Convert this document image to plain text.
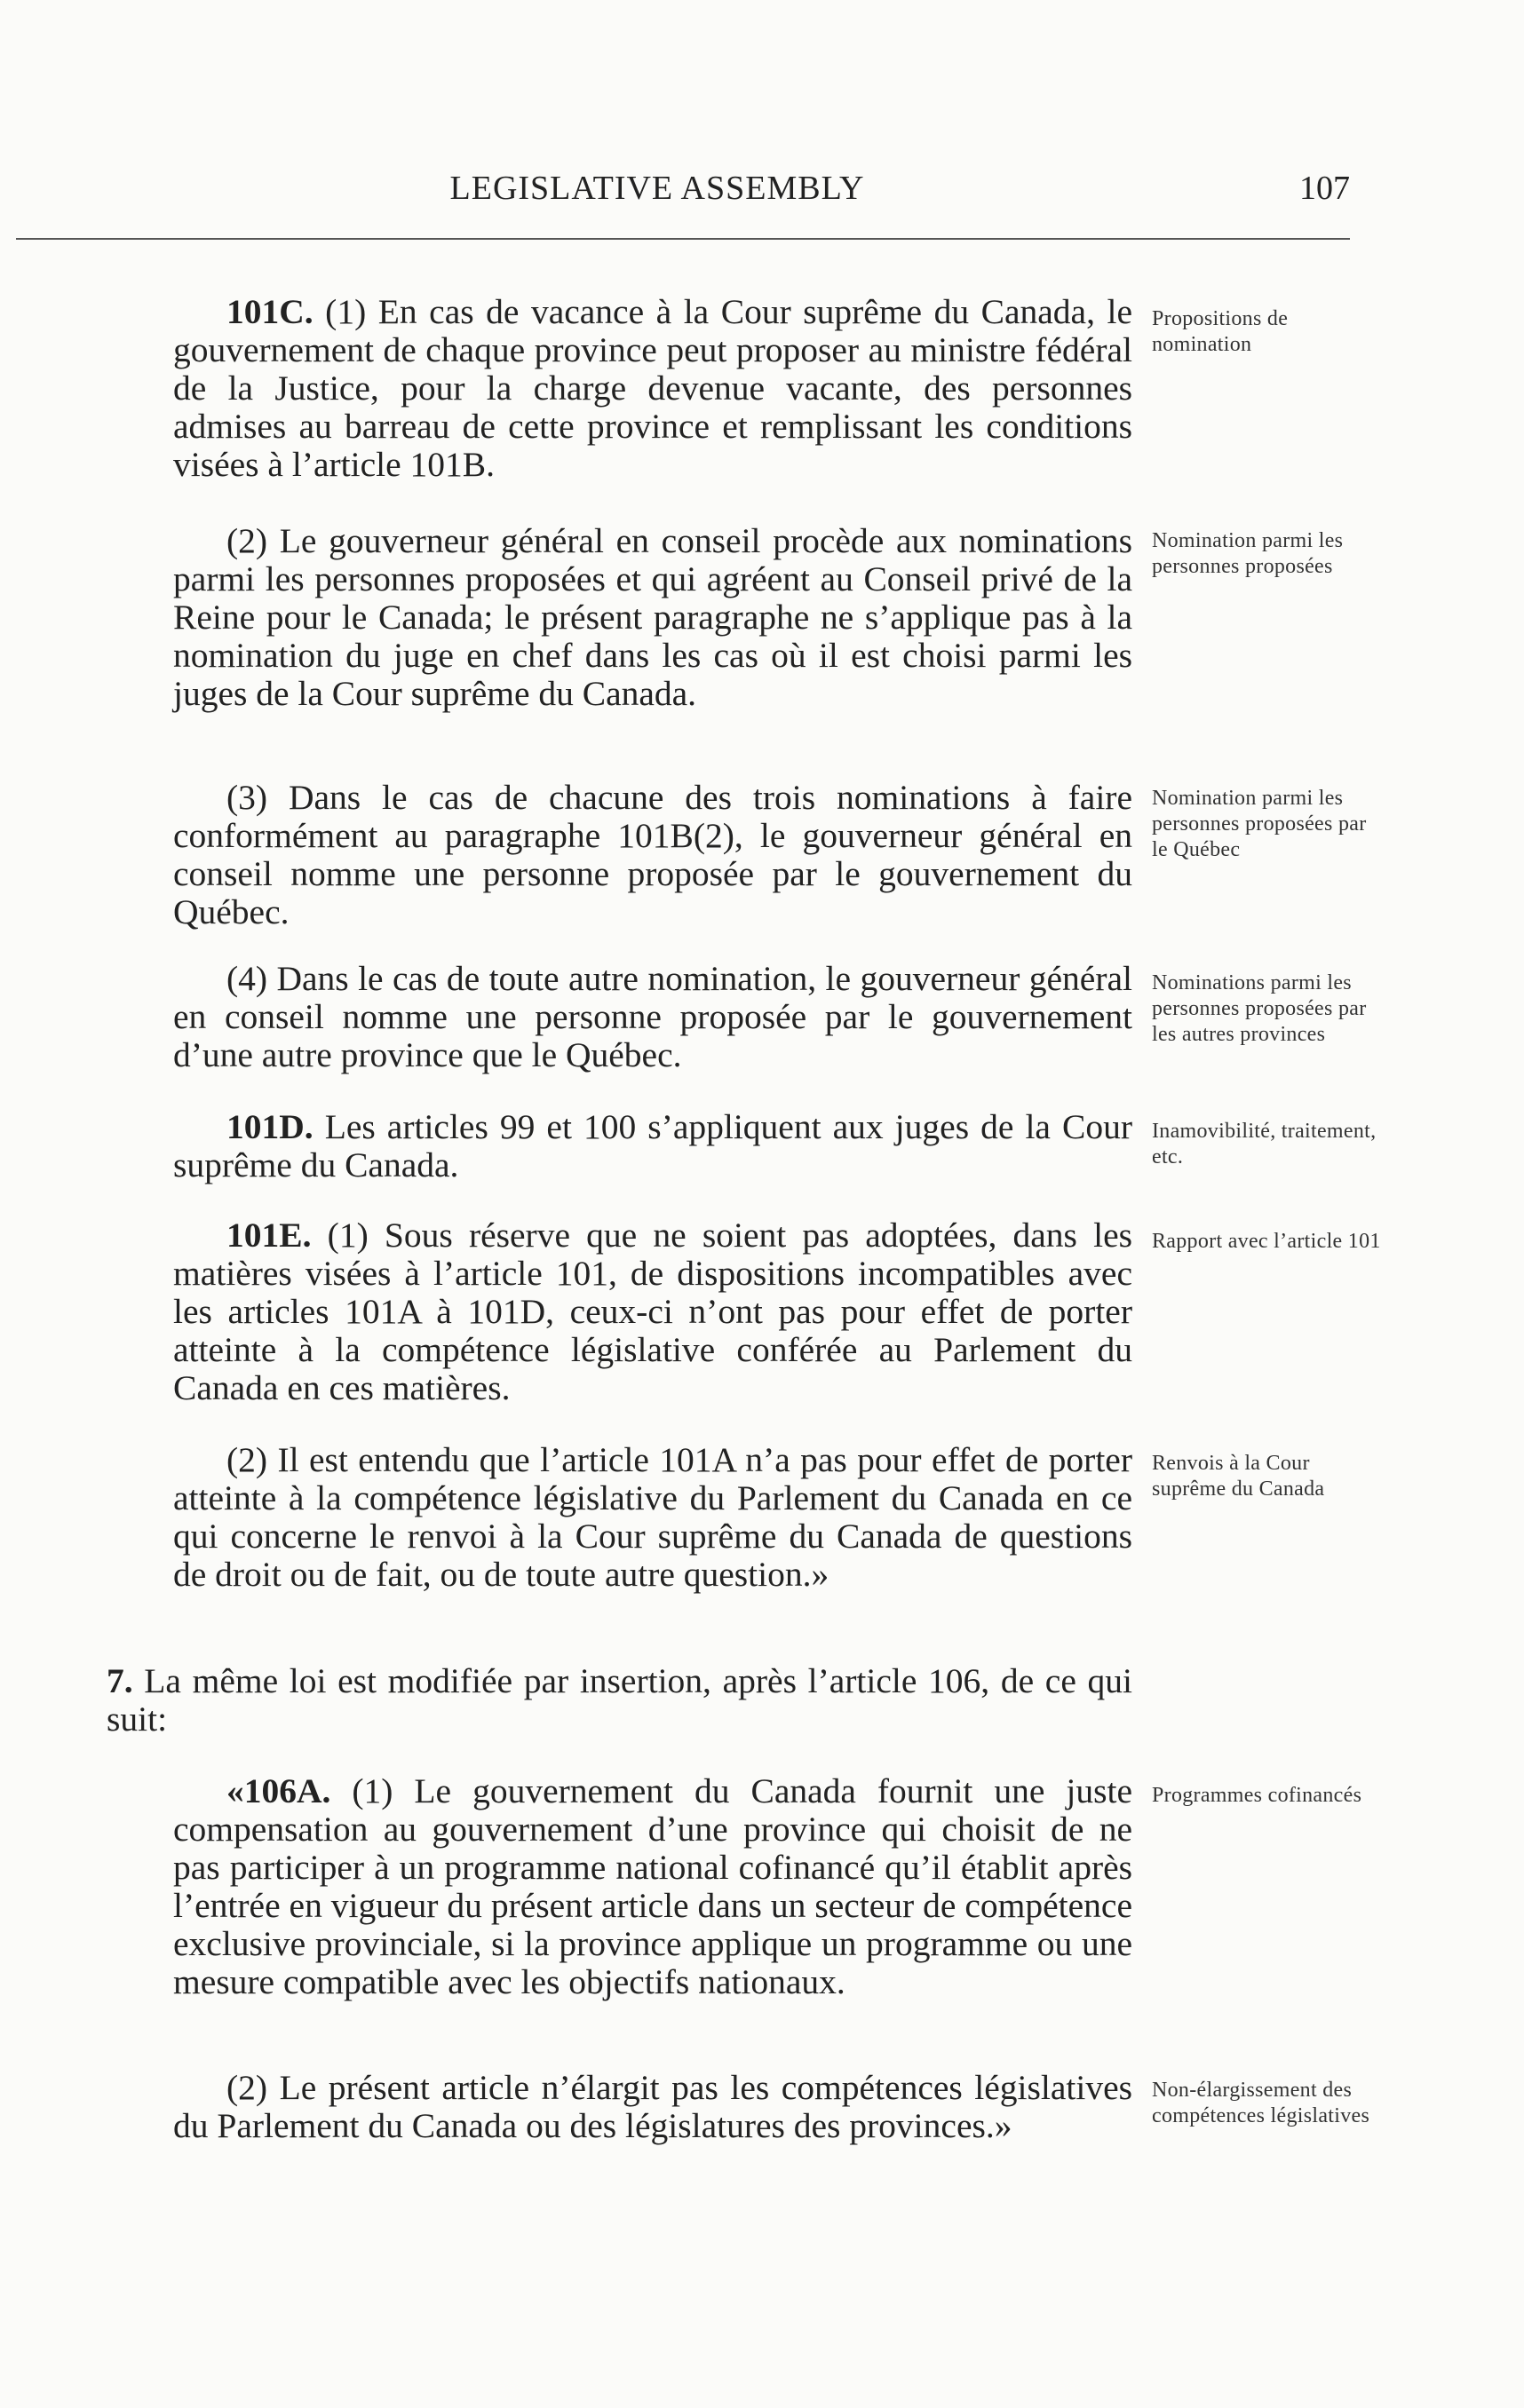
LEGISLATIVE ASSEMBLY	107

101C. (1) En cas de vacance à la Cour suprême du Canada, le gouvernement de chaque province peut proposer au ministre fédéral de la Justice, pour la charge devenue vacante, des personnes admises au barreau de cette province et remplissant les conditions visées à l’article 101B.

Propositions de nomination

(2) Le gouverneur général en conseil procède aux nominations parmi les personnes proposées et qui agréent au Conseil privé de la Reine pour le Canada; le présent paragraphe ne s’applique pas à la nomination du juge en chef dans les cas où il est choisi parmi les juges de la Cour suprême du Canada.

Nomination parmi les personnes proposées

(3) Dans le cas de chacune des trois nominations à faire conformément au paragraphe 101B(2), le gouverneur général en conseil nomme une personne proposée par le gouvernement du Québec.

Nomination parmi les personnes proposées par le Québec

(4) Dans le cas de toute autre nomination, le gouverneur général en conseil nomme une personne proposée par le gouvernement d’une autre province que le Québec.

Nominations parmi les personnes proposées par les autres provinces

101D. Les articles 99 et 100 s’appliquent aux juges de la Cour suprême du Canada.

Inamovibilité, traitement, etc.

101E. (1) Sous réserve que ne soient pas adoptées, dans les matières visées à l’article 101, de dispositions incompatibles avec les articles 101A à 101D, ceux-ci n’ont pas pour effet de porter atteinte à la compétence législative conférée au Parlement du Canada en ces matières.

Rapport avec l’article 101

(2) Il est entendu que l’article 101A n’a pas pour effet de porter atteinte à la compétence législative du Parlement du Canada en ce qui concerne le renvoi à la Cour suprême du Canada de questions de droit ou de fait, ou de toute autre question.»

Renvois à la Cour suprême du Canada

7. La même loi est modifiée par insertion, après l’article 106, de ce qui suit:

«106A. (1) Le gouvernement du Canada fournit une juste compensation au gouvernement d’une province qui choisit de ne pas participer à un programme national cofinancé qu’il établit après l’entrée en vigueur du présent article dans un secteur de compétence exclusive provinciale, si la province applique un programme ou une mesure compatible avec les objectifs nationaux.

Programmes cofinancés

(2) Le présent article n’élargit pas les compétences législatives du Parlement du Canada ou des législatures des provinces.»

Non-élargissement des compétences législatives
